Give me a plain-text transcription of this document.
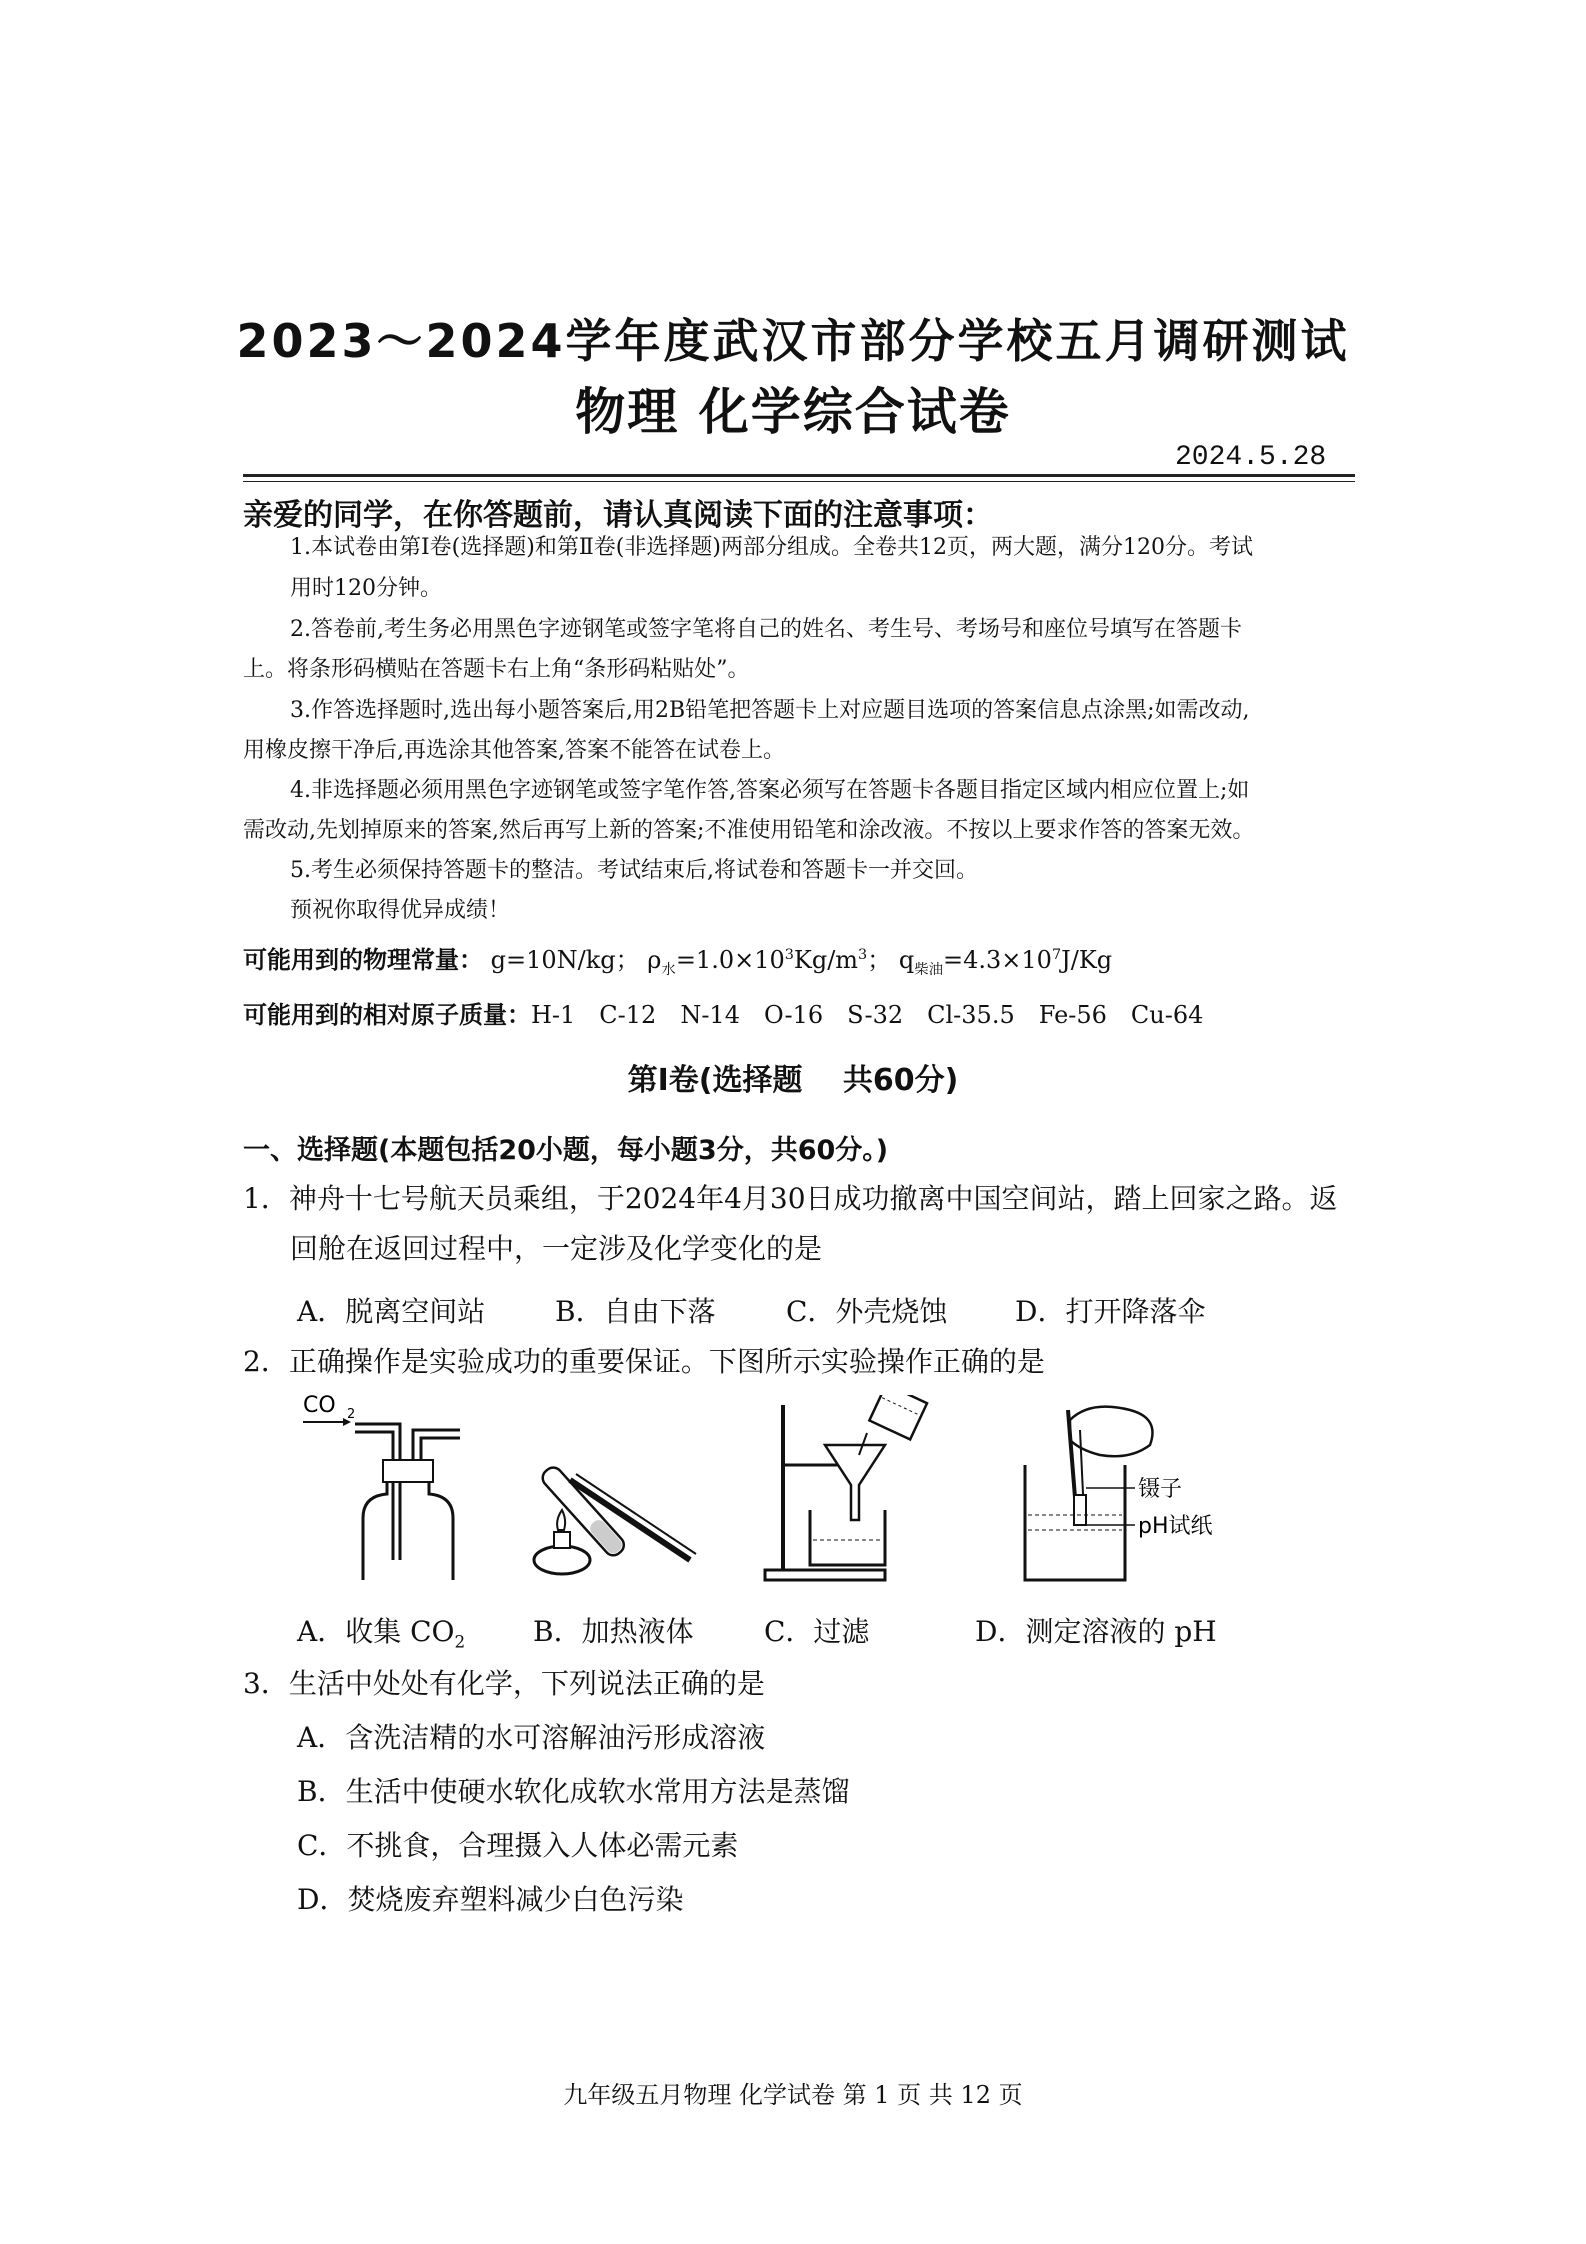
2023～2024学年度武汉市部分学校五月调研测试
物理 化学综合试卷
2024.5.28
亲爱的同学，在你答题前，请认真阅读下面的注意事项：
1.本试卷由第Ⅰ卷(选择题)和第Ⅱ卷(非选择题)两部分组成。全卷共12页，两大题，满分120分。考试
用时120分钟。
2.答卷前,考生务必用黑色字迹钢笔或签字笔将自己的姓名、考生号、考场号和座位号填写在答题卡
上。将条形码横贴在答题卡右上角“条形码粘贴处”。
3.作答选择题时,选出每小题答案后,用2B铅笔把答题卡上对应题目选项的答案信息点涂黑;如需改动,
用橡皮擦干净后,再选涂其他答案,答案不能答在试卷上。
4.非选择题必须用黑色字迹钢笔或签字笔作答,答案必须写在答题卡各题目指定区域内相应位置上;如
需改动,先划掉原来的答案,然后再写上新的答案;不准使用铅笔和涂改液。不按以上要求作答的答案无效。
5.考生必须保持答题卡的整洁。考试结束后,将试卷和答题卡一并交回。
预祝你取得优异成绩！
可能用到的物理常量： g=10N/kg； $\rho_水=1.0\times 10^3Kg/m^3$； $q_{柴油}=4.3\times 10^7J/Kg$
可能用到的相对原子质量：H-1　C-12　N-14　O-16　S-32　Cl-35.5　Fe-56　Cu-64
第Ⅰ卷(选择题　 共60分)
一、选择题(本题包括20小题，每小题3分，共60分。)
1．神舟十七号航天员乘组，于2024年4月30日成功撤离中国空间站，踏上回家之路。返
回舱在返回过程中，一定涉及化学变化的是
A．脱离空间站 B．自由下落	C．外壳烧蚀 D．打开降落伞
2．正确操作是实验成功的重要保证。下图所示实验操作正确的是
CO 2
镊子
pH试纸
A．收集 $CO_2$ B．加热液体	C．过滤	D．测定溶液的 pH
3．生活中处处有化学，下列说法正确的是
A．含洗洁精的水可溶解油污形成溶液
B．生活中使硬水软化成软水常用方法是蒸馏
C．不挑食，合理摄入人体必需元素
D．焚烧废弃塑料减少白色污染
九年级五月物理 化学试卷 第 1 页 共 12 页
